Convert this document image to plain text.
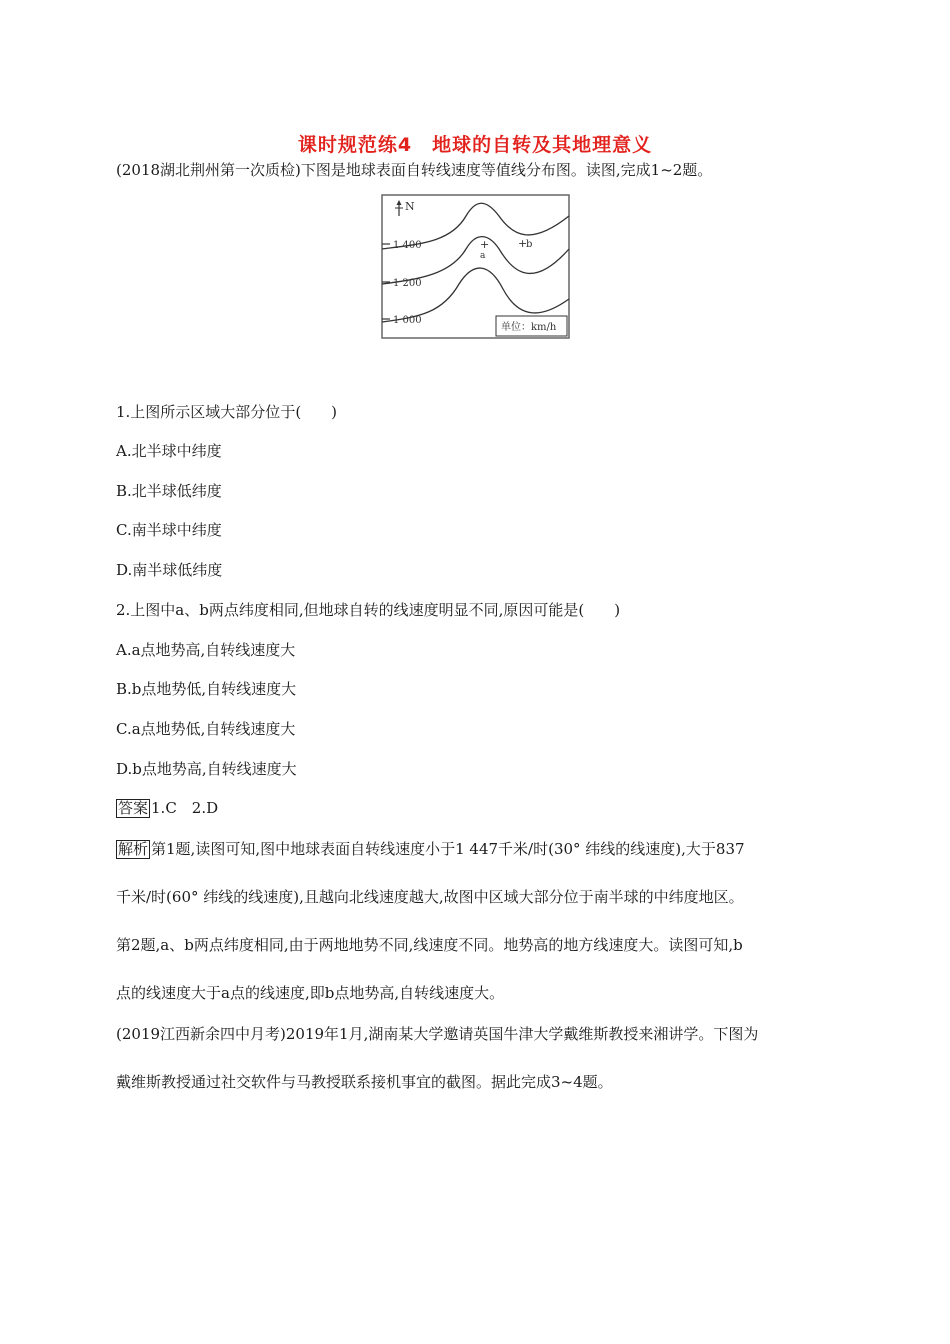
课时规范练4　地球的自转及其地理意义
(2018湖北荆州第一次质检)下图是地球表面自转线速度等值线分布图。读图,完成1~2题。
N
1 400
1 200
1 000
+
a
+
b
单位：km/h
1.上图所示区域大部分位于(　　)
A.北半球中纬度
B.北半球低纬度
C.南半球中纬度
D.南半球低纬度
2.上图中a、b两点纬度相同,但地球自转的线速度明显不同,原因可能是(　　)
A.a点地势高,自转线速度大
B.b点地势低,自转线速度大
C.a点地势低,自转线速度大
D.b点地势高,自转线速度大
答案 1.C　2.D
解析 第1题,读图可知,图中地球表面自转线速度小于1 447千米/时(30° 纬线的线速度),大于837
千米/时(60° 纬线的线速度),且越向北线速度越大,故图中区域大部分位于南半球的中纬度地区。
第2题,a、b两点纬度相同,由于两地地势不同,线速度不同。地势高的地方线速度大。读图可知,b
点的线速度大于a点的线速度,即b点地势高,自转线速度大。
(2019江西新余四中月考)2019年1月,湖南某大学邀请英国牛津大学戴维斯教授来湘讲学。下图为
戴维斯教授通过社交软件与马教授联系接机事宜的截图。据此完成3~4题。
